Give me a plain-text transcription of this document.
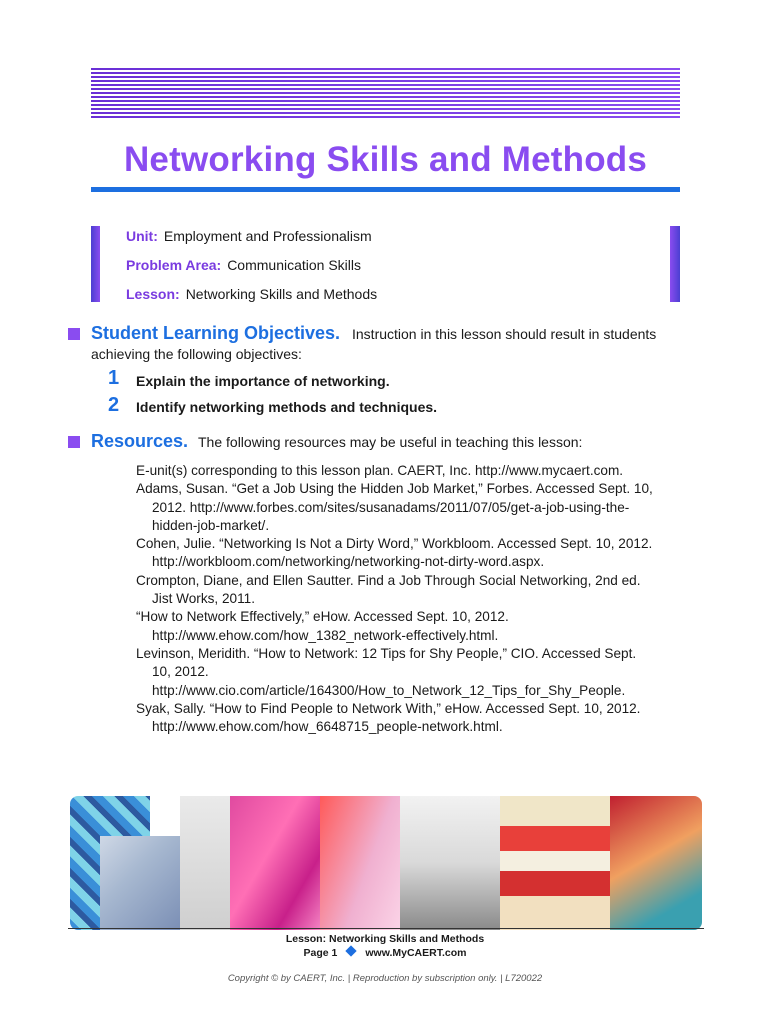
Networking Skills and Methods
Unit: Employment and Professionalism
Problem Area: Communication Skills
Lesson: Networking Skills and Methods
Student Learning Objectives. Instruction in this lesson should result in students
achieving the following objectives:
1 Explain the importance of networking.
2 Identify networking methods and techniques.
Resources. The following resources may be useful in teaching this lesson:

E-unit(s) corresponding to this lesson plan. CAERT, Inc. http://www.mycaert.com.

Adams, Susan. “Get a Job Using the Hidden Job Market,” Forbes. Accessed Sept. 10, 2012. http://www.forbes.com/sites/susanadams/2011/07/05/get-a-job-using-the-hidden-job-market/.

Cohen, Julie. “Networking Is Not a Dirty Word,” Workbloom. Accessed Sept. 10, 2012. http://workbloom.com/networking/networking-not-dirty-word.aspx.

Crompton, Diane, and Ellen Sautter. Find a Job Through Social Networking, 2nd ed. Jist Works, 2011.

“How to Network Effectively,” eHow. Accessed Sept. 10, 2012. http://www.ehow.com/how_1382_network-effectively.html.

Levinson, Meridith. “How to Network: 12 Tips for Shy People,” CIO. Accessed Sept. 10, 2012. http://www.cio.com/article/164300/How_to_Network_12_Tips_for_Shy_People.

Syak, Sally. “How to Find People to Network With,” eHow. Accessed Sept. 10, 2012. http://www.ehow.com/how_6648715_people-network.html.

Lesson: Networking Skills and Methods
Page 1	www.MyCAERT.com
Copyright © by CAERT, Inc. | Reproduction by subscription only. | L720022
